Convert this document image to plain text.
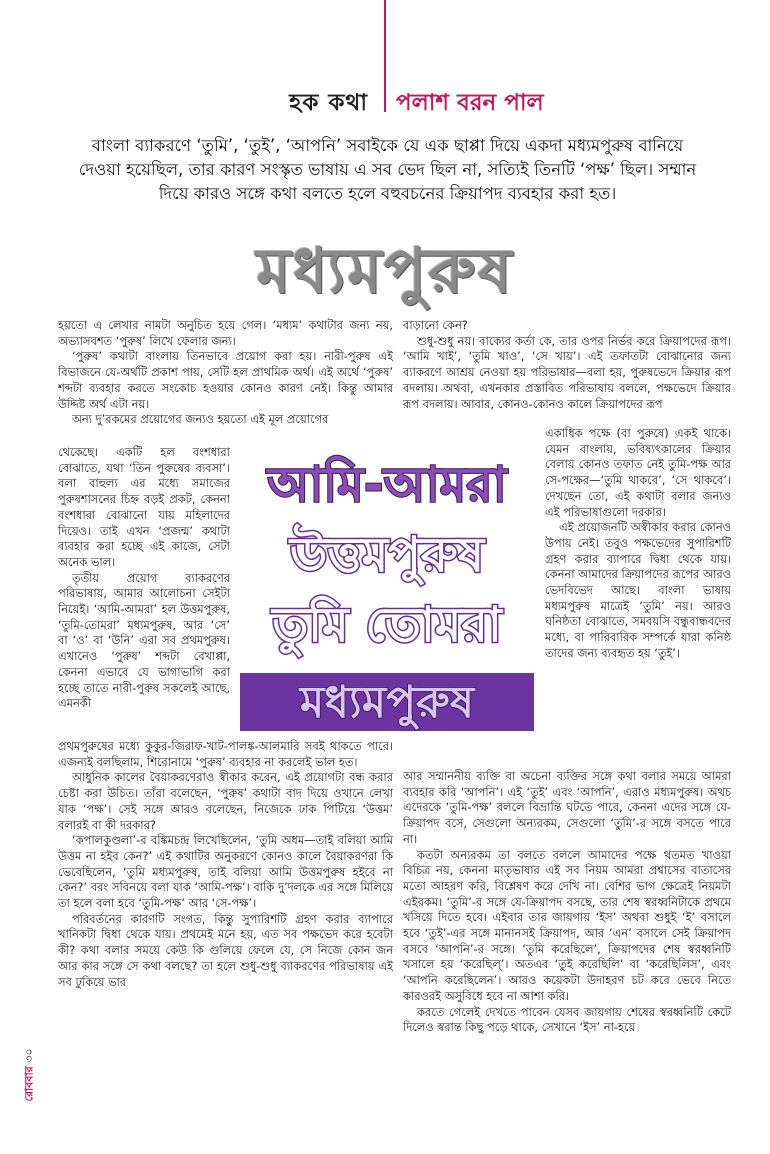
হক কথা পলাশ বরন পাল

বাংলা ব্যাকরণে ‘তুমি’, ‘তুই’, ‘আপনি’ সবাইকে যে এক ছাপ্পা দিয়ে একদা মধ্যমপুরুষ বানিয়ে দেওয়া হয়েছিল, তার কারণ সংস্কৃত ভাষায় এ সব ভেদ ছিল না, সত্যিই তিনটি ‘পক্ষ’ ছিল। সম্মান দিয়ে কারও সঙ্গে কথা বলতে হলে বহুবচনের ক্রিয়াপদ ব্যবহার করা হত।

মধ্যমপুরুষ

হয়তো এ লেখার নামটা অনুচিত হয়ে গেল। ‘মধ্যম’ কথাটার জন্য নয়, অভ্যাসবশত ‘পুরুষ’ লিখে ফেলার জন্য।

‘পুরুষ’ কথাটা বাংলায় তিনভাবে প্রয়োগ করা হয়। নারী-পুরুষ এই বিভাজনে যে-অর্থটি প্রকাশ পায়, সেটি হল প্রাথমিক অর্থ। এই অর্থে ‘পুরুষ’ শব্দটা ব্যবহার করতে সংকোচ হওয়ার কোনও কারণ নেই। কিন্তু আমার উদ্দিষ্ট অর্থ এটা নয়।

অন্য দু’রকমের প্রয়োগের জন্যও হয়তো এই মূল প্রয়োগের

থেকেছে। একটি হল বংশধারা বোঝাতে, যথা ‘তিন পুরুষের ব্যবসা’। বলা বাহুল্য এর মধ্যে সমাজের পুরুষশাসনের চিহ্ন বড়ই প্রকট, কেননা বংশধারা বোঝানো যায় মহিলাদের দিয়েও। তাই এখন ‘প্রজন্ম’ কথাটা ব্যবহার করা হচ্ছে এই কাজে, সেটা অনেক ভাল।

তৃতীয় প্রয়োগ ব্যাকরণের পরিভাষায়, আমার আলোচনা সেইটা নিয়েই। ‘আমি-আমরা’ হল উত্তমপুরুষ, ‘তুমি-তোমরা’ মধ্যমপুরুষ, আর ‘সে’ বা ‘ও’ বা ‘উনি’ এরা সব প্রথমপুরুষ। এখানেও ‘পুরুষ’ শব্দটা বেখাপ্পা, কেননা এভাবে যে ভাগাভাগি করা হচ্ছে তাতে নারী-পুরুষ সকলেই আছে, এমনকী

আমি-আমরা
উত্তমপুরুষ
তুমি তোমরা
মধ্যমপুরুষ

প্রথমপুরুষের মধ্যে কুকুর-জিরাফ-খাট-পালঙ্ক-আলমারি সবই থাকতে পারে। এজন্যই বলছিলাম, শিরোনামে ‘পুরুষ’ ব্যবহার না করলেই ভাল হত।

আধুনিক কালের বৈয়াকরণেরাও স্বীকার করেন, এই প্রয়োগটা বন্ধ করার চেষ্টা করা উচিত। তাঁরা বলেছেন, ‘পুরুষ’ কথাটা বাদ দিয়ে ওখানে লেখা যাক ‘পক্ষ’। সেই সঙ্গে আরও বলেছেন, নিজেকে ঢাক পিটিয়ে ‘উত্তম’ বলারই বা কী দরকার?

‘কপালকুণ্ডলা’-র বঙ্কিমচন্দ্র লিখেছিলেন, ‘তুমি অধম—তাই বলিয়া আমি উত্তম না হইব কেন?’ এই কথাটির অনুকরণে কোনও কালে বৈয়াকরণরা কি ভেবেছিলেন, ‘তুমি মধ্যমপুরুষ, তাই বলিয়া আমি উত্তমপুরুষ হইবে না কেন?’ বরং সবিনয়ে বলা যাক ‘আমি-পক্ষ’। বাকি দু’দলকে এর সঙ্গে মিলিয়ে তা হলে বলা হবে ‘তুমি-পক্ষ’ আর ‘সে-পক্ষ’।

পরিবর্তনের কারণটি সংগত, কিন্তু সুপারিশটি গ্রহণ করার ব্যাপারে খানিকটা দ্বিধা থেকে যায়। প্রথমেই মনে হয়, এত সব পক্ষভেদ করে হবেটা কী? কথা বলার সময়ে কেউ কি গুলিয়ে ফেলে যে, সে নিজে কোন জন আর কার সঙ্গে সে কথা বলছে? তা হলে শুধু-শুধু ব্যাকরণের পরিভাষায় এই সব ঢুকিয়ে ভার

বাড়ানো কেন?

শুধু-শুধু নয়। বাক্যের কর্তা কে, তার ওপর নির্ভর করে ক্রিয়াপদের রূপ। ‘আমি খাই’, ‘তুমি খাও’, ‘সে খায়’। এই তফাতটা বোঝানোর জন্য ব্যাকরণে আশ্রয় নেওয়া হয় পরিভাষার—বলা হয়, পুরুষভেদে ক্রিয়ার রূপ বদলায়। অথবা, এখনকার প্রস্তাবিত পরিভাষায় বললে, পক্ষভেদে ক্রিয়ার রূপ বদলায়। আবার, কোনও-কোনও কালে ক্রিয়াপদের রূপ

একাধিক পক্ষে (বা পুরুষে) একই থাকে। যেমন বাংলায়, ভবিষ্যৎকালের ক্রিয়ার বেলায় কোনও তফাত নেই তুমি-পক্ষ আর সে-পক্ষের—‘তুমি থাকবে’, ‘সে থাকবে’। দেখছেন তো, এই কথাটা বলার জন্যও এই পরিভাষাগুলো দরকার।

এই প্রয়োজনটি অস্বীকার করার কোনও উপায় নেই। তবুও পক্ষভেদের সুপারিশটি গ্রহণ করার ব্যাপারে দ্বিধা থেকে যায়। কেননা আমাদের ক্রিয়াপদের রূপের আরও ভেদবিভেদ আছে। বাংলা ভাষায় মধ্যমপুরুষ মাত্রেই ‘তুমি’ নয়। আরও ঘনিষ্ঠতা বোঝাতে, সমবয়সি বন্ধুবান্ধবদের মধ্যে, বা পারিবারিক সম্পর্কে যারা কনিষ্ঠ তাদের জন্য ব্যবহৃত হয় ‘তুই’।

আর সম্মাননীয় ব্যক্তি বা অচেনা ব্যক্তির সঙ্গে কথা বলার সময়ে আমরা ব্যবহার করি ‘আপনি’। এই ‘তুই’ এবং ‘আপনি’, এরাও মধ্যমপুরুষ। অথচ এদেরকে ‘তুমি-পক্ষ’ বললে বিভ্রান্তি ঘটতে পারে, কেননা এদের সঙ্গে যে-ক্রিয়াপদ বসে, সেগুলো অন্যরকম, সেগুলো ‘তুমি’-র সঙ্গে বসতে পারে না।

কতটা অন্যরকম তা বলতে বললে আমাদের পক্ষে থতমত খাওয়া বিচিত্র নয়, কেননা মাতৃভাষার এই সব নিয়ম আমরা প্রশ্বাসের বাতাসের মতো আহরণ করি, বিশ্লেষণ করে দেখি না। বেশির ভাগ ক্ষেত্রেই নিয়মটা এইরকম। ‘তুমি’-র সঙ্গে যে-ক্রিয়াপদ বসছে, তার শেষ স্বরধ্বনিটাকে প্রথমে খসিয়ে দিতে হবে। এইবার তার জায়গায় ‘ইস’ অথবা শুধুই ‘ই’ বসালে হবে ‘তুই’-এর সঙ্গে মানানসই ক্রিয়াপদ, আর ‘এন’ বসালে সেই ক্রিয়াপদ বসবে ‘আপনি’-র সঙ্গে। ‘তুমি করেছিলে’, ক্রিয়াপদের শেষ স্বরধ্বনিটি খসালে হয় ‘করেছিল্’। অতএব ‘তুই করেছিলি’ বা ‘করেছিলিস’, এবং ‘আপনি করেছিলেন’। আরও কয়েকটা উদাহরণ চট করে ভেবে নিতে কারওরই অসুবিধে হবে না আশা করি।

করতে গেলেই দেখতে পাবেন যেসব জায়গায় শেষের স্বরধ্বনিটি কেটে দিলেও স্বরান্ত কিছু পড়ে থাকে, সেখানে ‘ইস’ না-হয়ে

রোববার ৩০
